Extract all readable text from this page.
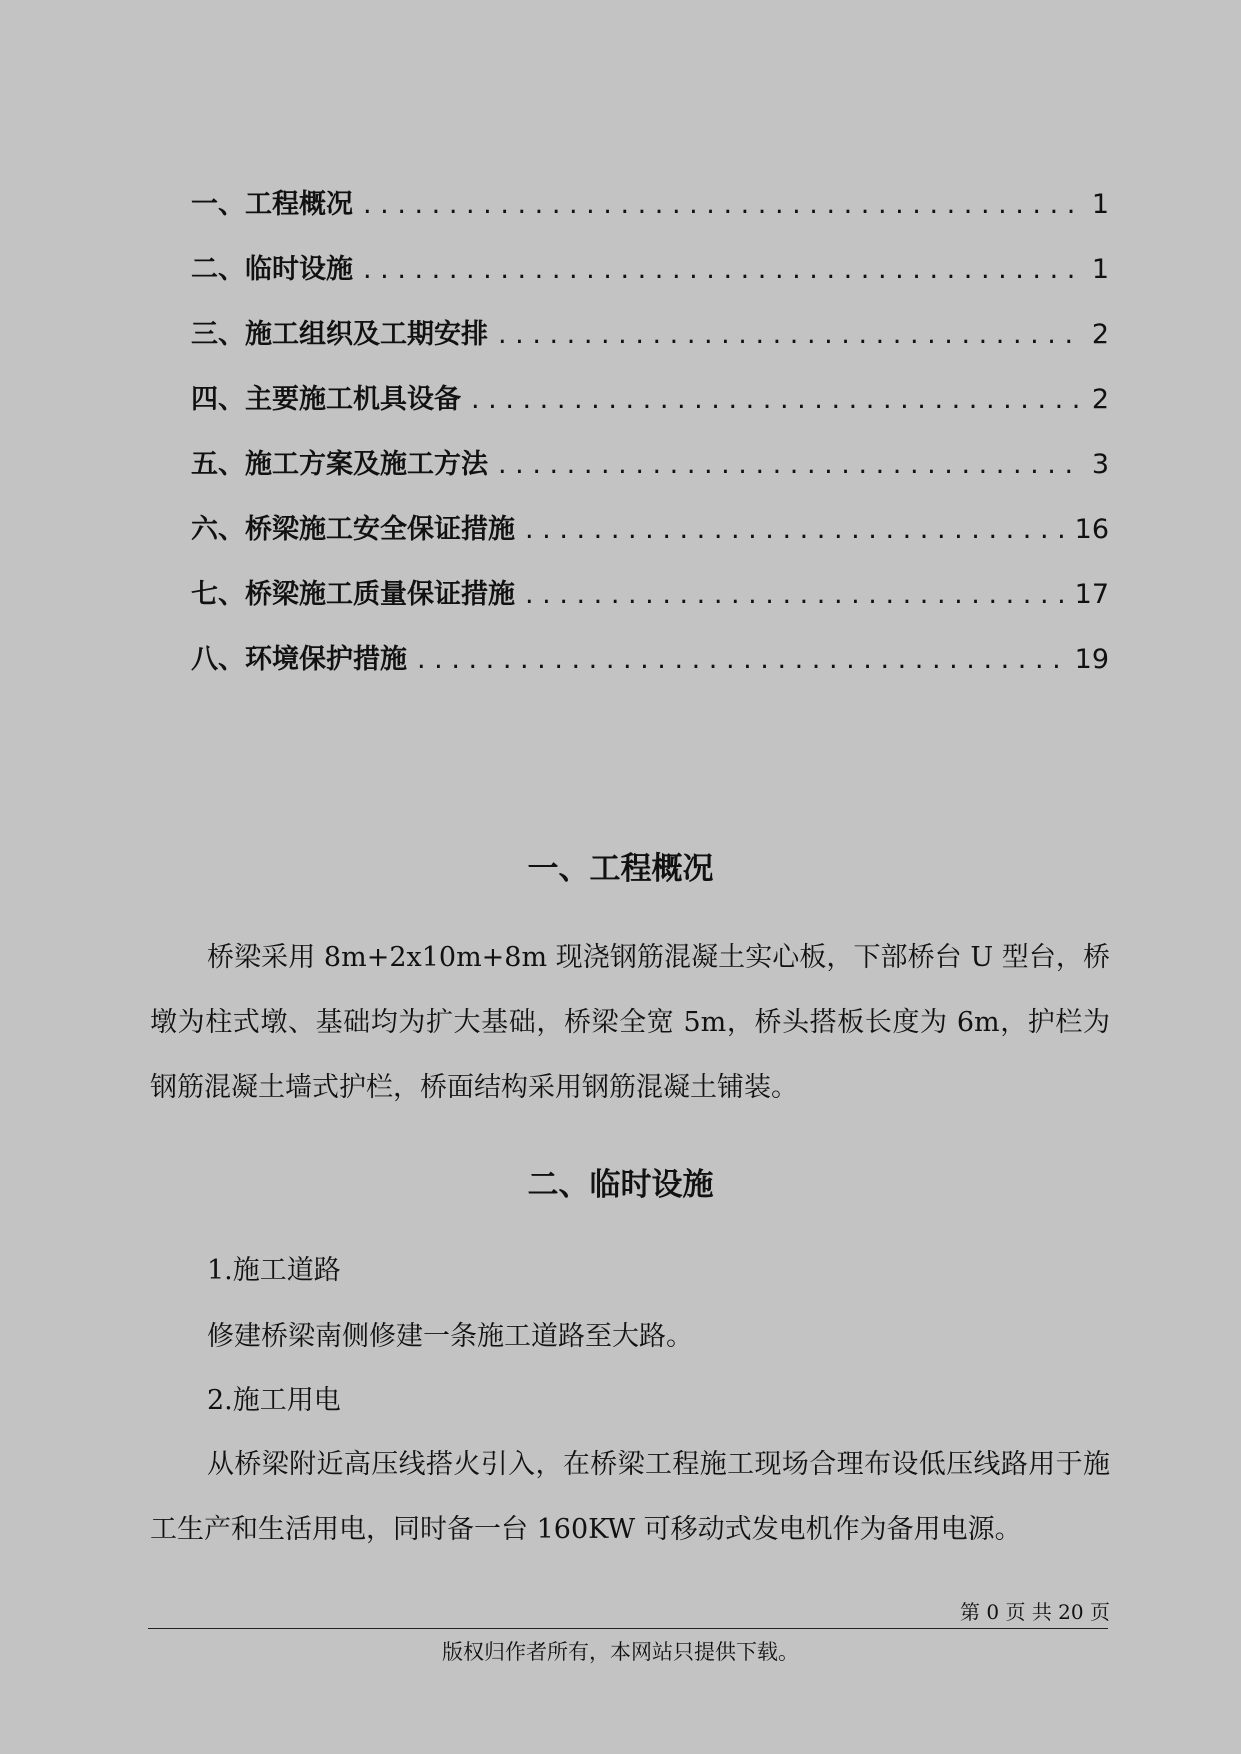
一、工程概况 . . .	1
二、临时设施 . . .	1
三、施工组织及工期安排 . . .	2
四、主要施工机具设备 . . .	2
五、施工方案及施工方法 . . .	3
六、桥梁施工安全保证措施 . . .	16
七、桥梁施工质量保证措施 . . .	17
八、环境保护措施 . . .	19
一、工程概况

桥梁采用 8m+2x10m+8m 现浇钢筋混凝土实心板，下部桥台 U 型台，桥墩为柱式墩、基础均为扩大基础，桥梁全宽 5m，桥头搭板长度为 6m，护栏为钢筋混凝土墙式护栏，桥面结构采用钢筋混凝土铺装。

二、临时设施

1.施工道路

修建桥梁南侧修建一条施工道路至大路。

2.施工用电

从桥梁附近高压线搭火引入，在桥梁工程施工现场合理布设低压线路用于施工生产和生活用电，同时备一台 160KW 可移动式发电机作为备用电源。

第 0 页 共 20 页
版权归作者所有，本网站只提供下载。
